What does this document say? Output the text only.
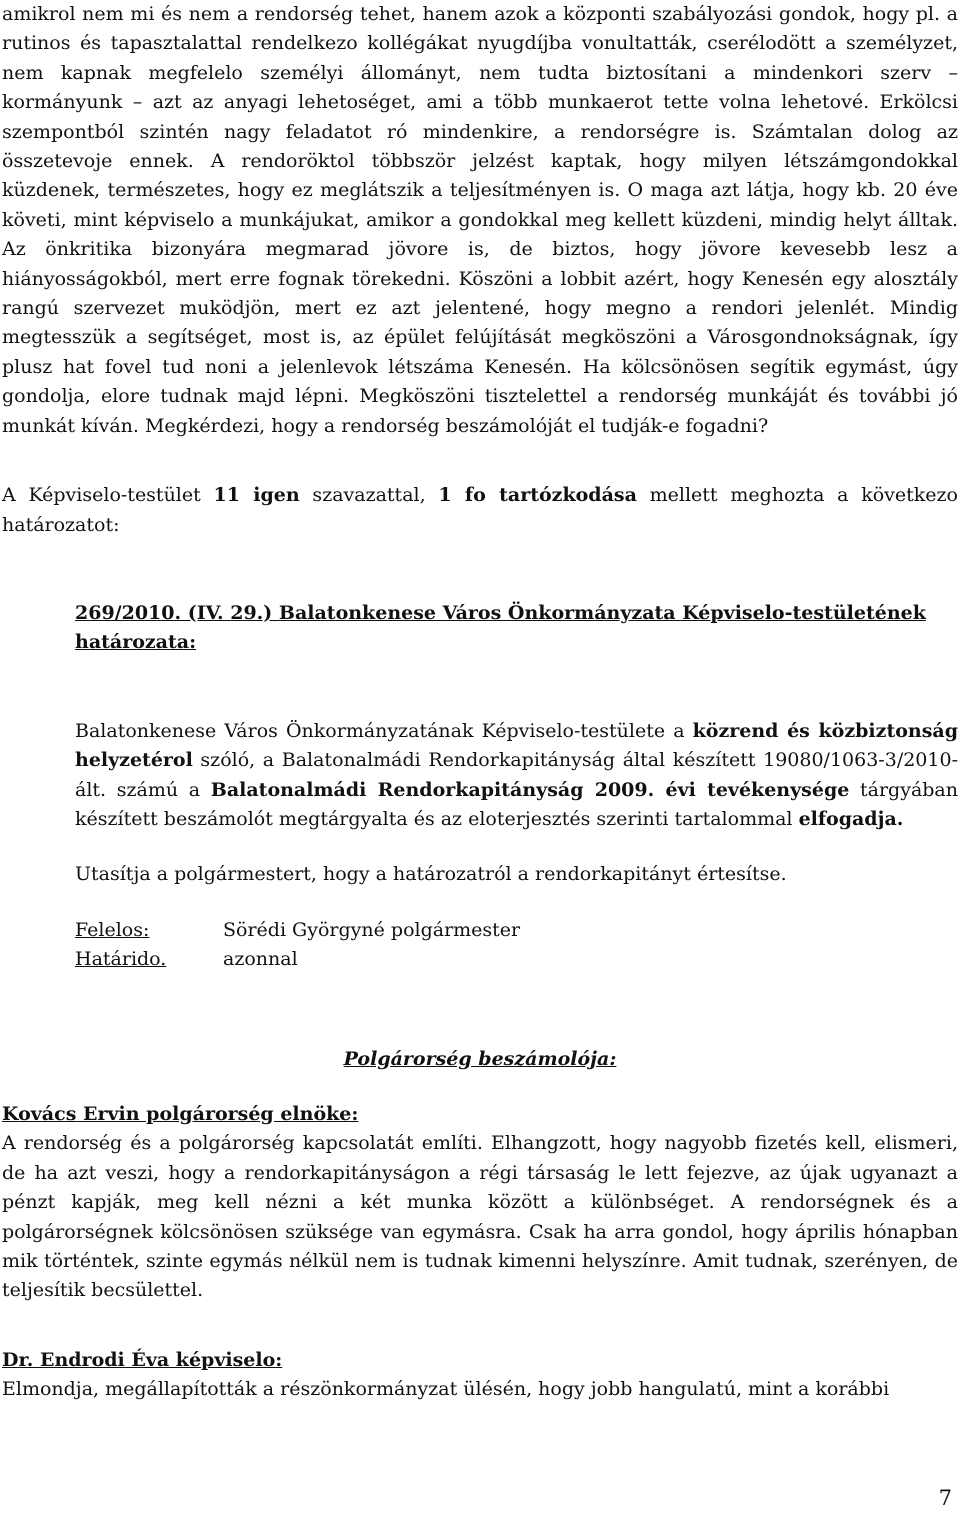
amikrol nem mi és nem a rendorség tehet, hanem azok a központi szabályozási gondok, hogy pl. a rutinos és tapasztalattal rendelkezo kollégákat nyugdíjba vonultatták, cserélodött a személyzet, nem kapnak megfelelo személyi állományt, nem tudta biztosítani a mindenkori szerv – kormányunk – azt az anyagi lehetoséget, ami a több munkaerot tette volna lehetové. Erkölcsi szempontból szintén nagy feladatot ró mindenkire, a rendorségre is. Számtalan dolog az összetevoje ennek. A rendoröktol többször jelzést kaptak, hogy milyen létszámgondokkal küzdenek, természetes, hogy ez meglátszik a teljesítményen is. O maga azt látja, hogy kb. 20 éve követi, mint képviselo a munkájukat, amikor a gondokkal meg kellett küzdeni, mindig helyt álltak. Az önkritika bizonyára megmarad jövore is, de biztos, hogy jövore kevesebb lesz a hiányosságokból, mert erre fognak törekedni. Köszöni a lobbit azért, hogy Kenesén egy alosztály rangú szervezet muködjön, mert ez azt jelentené, hogy megno a rendori jelenlét. Mindig megtesszük a segítséget, most is, az épület felújítását megköszöni a Városgondnokságnak, így plusz hat fovel tud noni a jelenlevok létszáma Kenesén. Ha kölcsönösen segítik egymást, úgy gondolja, elore tudnak majd lépni. Megköszöni tisztelettel a rendorség munkáját és további jó munkát kíván. Megkérdezi, hogy a rendorség beszámolóját el tudják-e fogadni?

A Képviselo-testület 11 igen szavazattal, 1 fo tartózkodása mellett meghozta a következo határozatot:

269/2010. (IV. 29.) Balatonkenese Város Önkormányzata Képviselo-testületének határozata:

Balatonkenese Város Önkormányzatának Képviselo-testülete a közrend és közbiztonság helyzetérol szóló, a Balatonalmádi Rendorkapitányság által készített 19080/1063-3/2010-ált. számú a Balatonalmádi Rendorkapitányság 2009. évi tevékenysége tárgyában készített beszámolót megtárgyalta és az eloterjesztés szerinti tartalommal elfogadja.

Utasítja a polgármestert, hogy a határozatról a rendorkapitányt értesítse.

Felelos:	Sörédi Györgyné polgármester
Határido.	azonnal

Polgárorség beszámolója:

Kovács Ervin polgárorség elnöke:

A rendorség és a polgárorség kapcsolatát említi. Elhangzott, hogy nagyobb fizetés kell, elismeri, de ha azt veszi, hogy a rendorkapitányságon a régi társaság le lett fejezve, az újak ugyanazt a pénzt kapják, meg kell nézni a két munka között a különbséget. A rendorségnek és a polgárorségnek kölcsönösen szüksége van egymásra. Csak ha arra gondol, hogy április hónapban mik történtek, szinte egymás nélkül nem is tudnak kimenni helyszínre. Amit tudnak, szerényen, de teljesítik becsülettel.

Dr. Endrodi Éva képviselo:

Elmondja, megállapították a részönkormányzat ülésén, hogy jobb hangulatú, mint a korábbi

7
